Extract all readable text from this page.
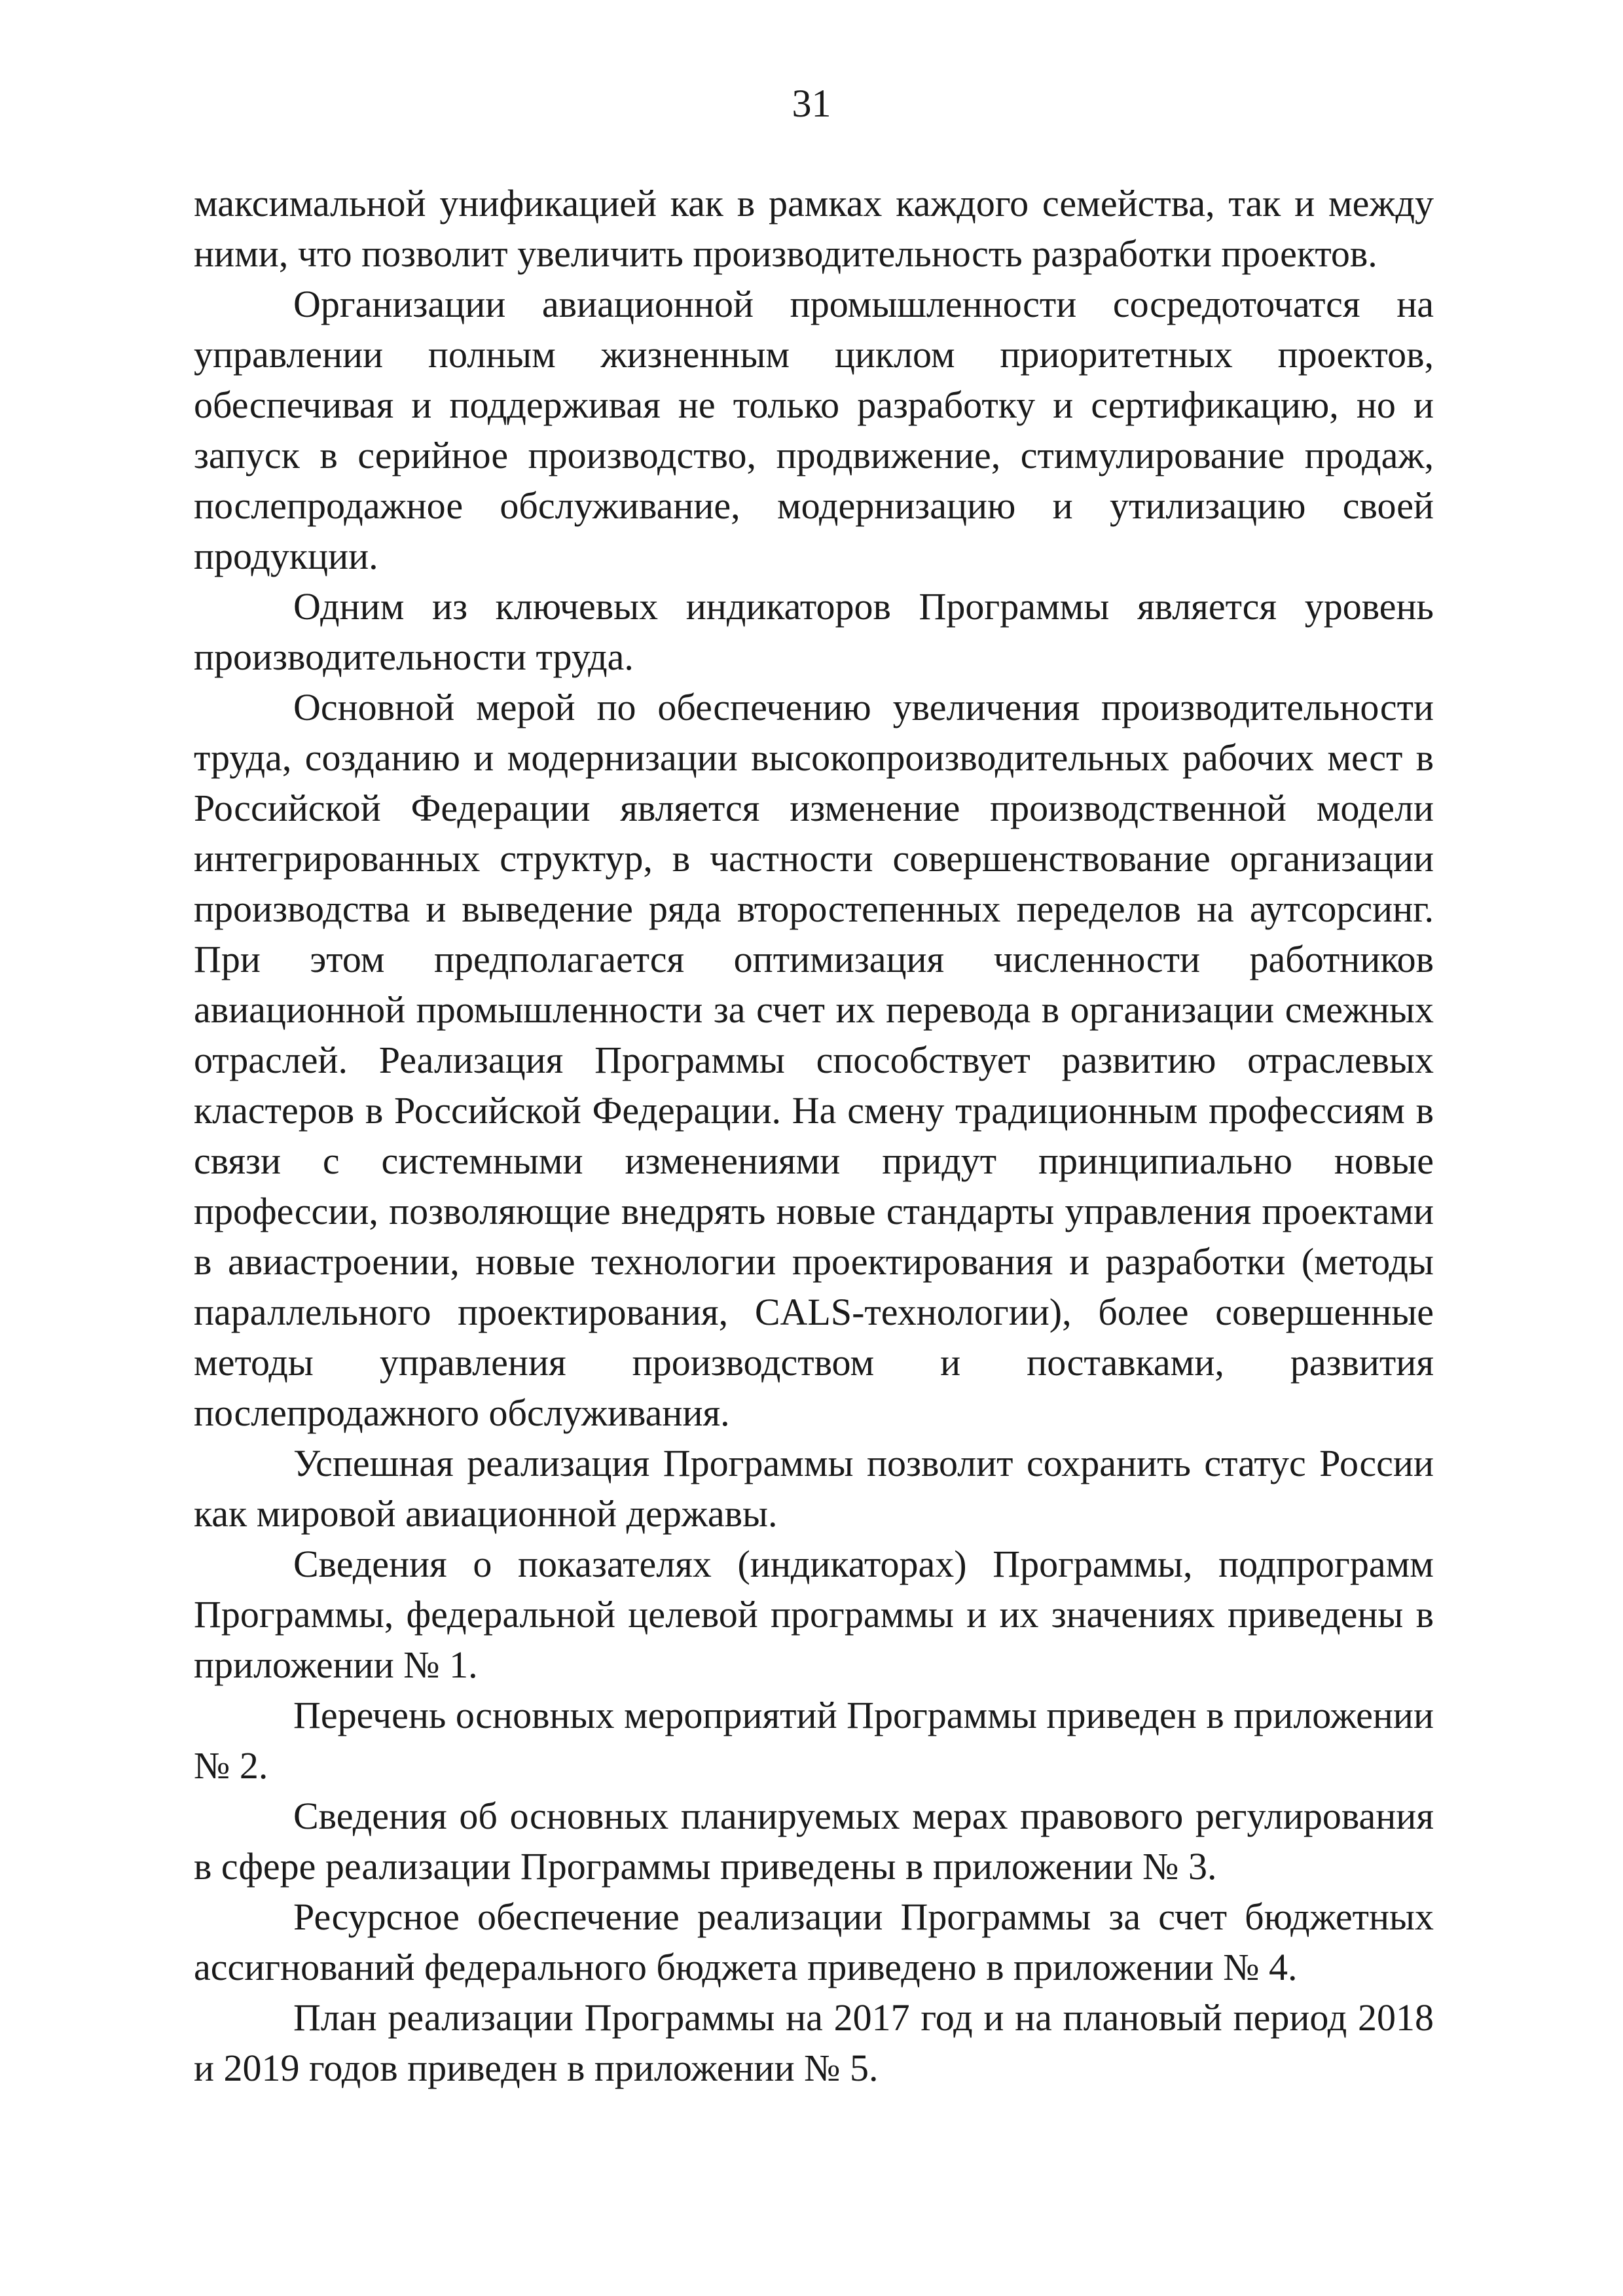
31

максимальной унификацией как в рамках каждого семейства, так и между ними, что позволит увеличить производительность разработки проектов.

Организации авиационной промышленности сосредоточатся на управлении полным жизненным циклом приоритетных проектов, обеспечивая и поддерживая не только разработку и сертификацию, но и запуск в серийное производство, продвижение, стимулирование продаж, послепродажное обслуживание, модернизацию и утилизацию своей продукции.

Одним из ключевых индикаторов Программы является уровень производительности труда.

Основной мерой по обеспечению увеличения производительности труда, созданию и модернизации высокопроизводительных рабочих мест в Российской Федерации является изменение производственной модели интегрированных структур, в частности совершенствование организации производства и выведение ряда второстепенных переделов на аутсорсинг. При этом предполагается оптимизация численности работников авиационной промышленности за счет их перевода в организации смежных отраслей. Реализация Программы способствует развитию отраслевых кластеров в Российской Федерации. На смену традиционным профессиям в связи с системными изменениями придут принципиально новые профессии, позволяющие внедрять новые стандарты управления проектами в авиастроении, новые технологии проектирования и разработки (методы параллельного проектирования, CALS-технологии), более совершенные методы управления производством и поставками, развития послепродажного обслуживания.

Успешная реализация Программы позволит сохранить статус России как мировой авиационной державы.

Сведения о показателях (индикаторах) Программы, подпрограмм Программы, федеральной целевой программы и их значениях приведены в приложении № 1.

Перечень основных мероприятий Программы приведен в приложении № 2.

Сведения об основных планируемых мерах правового регулирования в сфере реализации Программы приведены в приложении № 3.

Ресурсное обеспечение реализации Программы за счет бюджетных ассигнований федерального бюджета приведено в приложении № 4.

План реализации Программы на 2017 год и на плановый период 2018 и 2019 годов приведен в приложении № 5.
